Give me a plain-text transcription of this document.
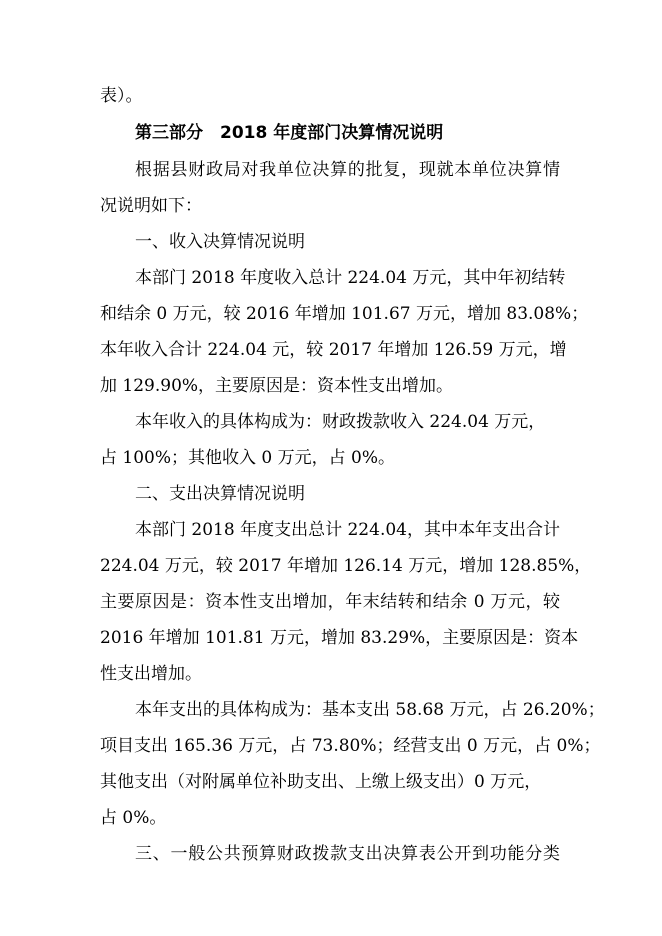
表）。
第三部分　2018 年度部门决算情况说明
根据县财政局对我单位决算的批复，现就本单位决算情
况说明如下：
一、收入决算情况说明
本部门 2018 年度收入总计 224.04 万元，其中年初结转
和结余 0 万元，较 2016 年增加 101.67 万元，增加 83.08%；
本年收入合计 224.04 元，较 2017 年增加 126.59 万元，增
加 129.90%，主要原因是：资本性支出增加。
本年收入的具体构成为：财政拨款收入 224.04 万元，
占 100%；其他收入 0 万元，占 0%。
二、支出决算情况说明
本部门 2018 年度支出总计 224.04，其中本年支出合计
224.04 万元，较 2017 年增加 126.14 万元，增加 128.85%，
主要原因是：资本性支出增加，年末结转和结余 0 万元，较
2016 年增加 101.81 万元，增加 83.29%，主要原因是：资本
性支出增加。
本年支出的具体构成为：基本支出 58.68 万元，占 26.20%；
项目支出 165.36 万元，占 73.80%；经营支出 0 万元，占 0%；
其他支出（对附属单位补助支出、上缴上级支出）0 万元，
占 0%。
三、一般公共预算财政拨款支出决算表公开到功能分类
